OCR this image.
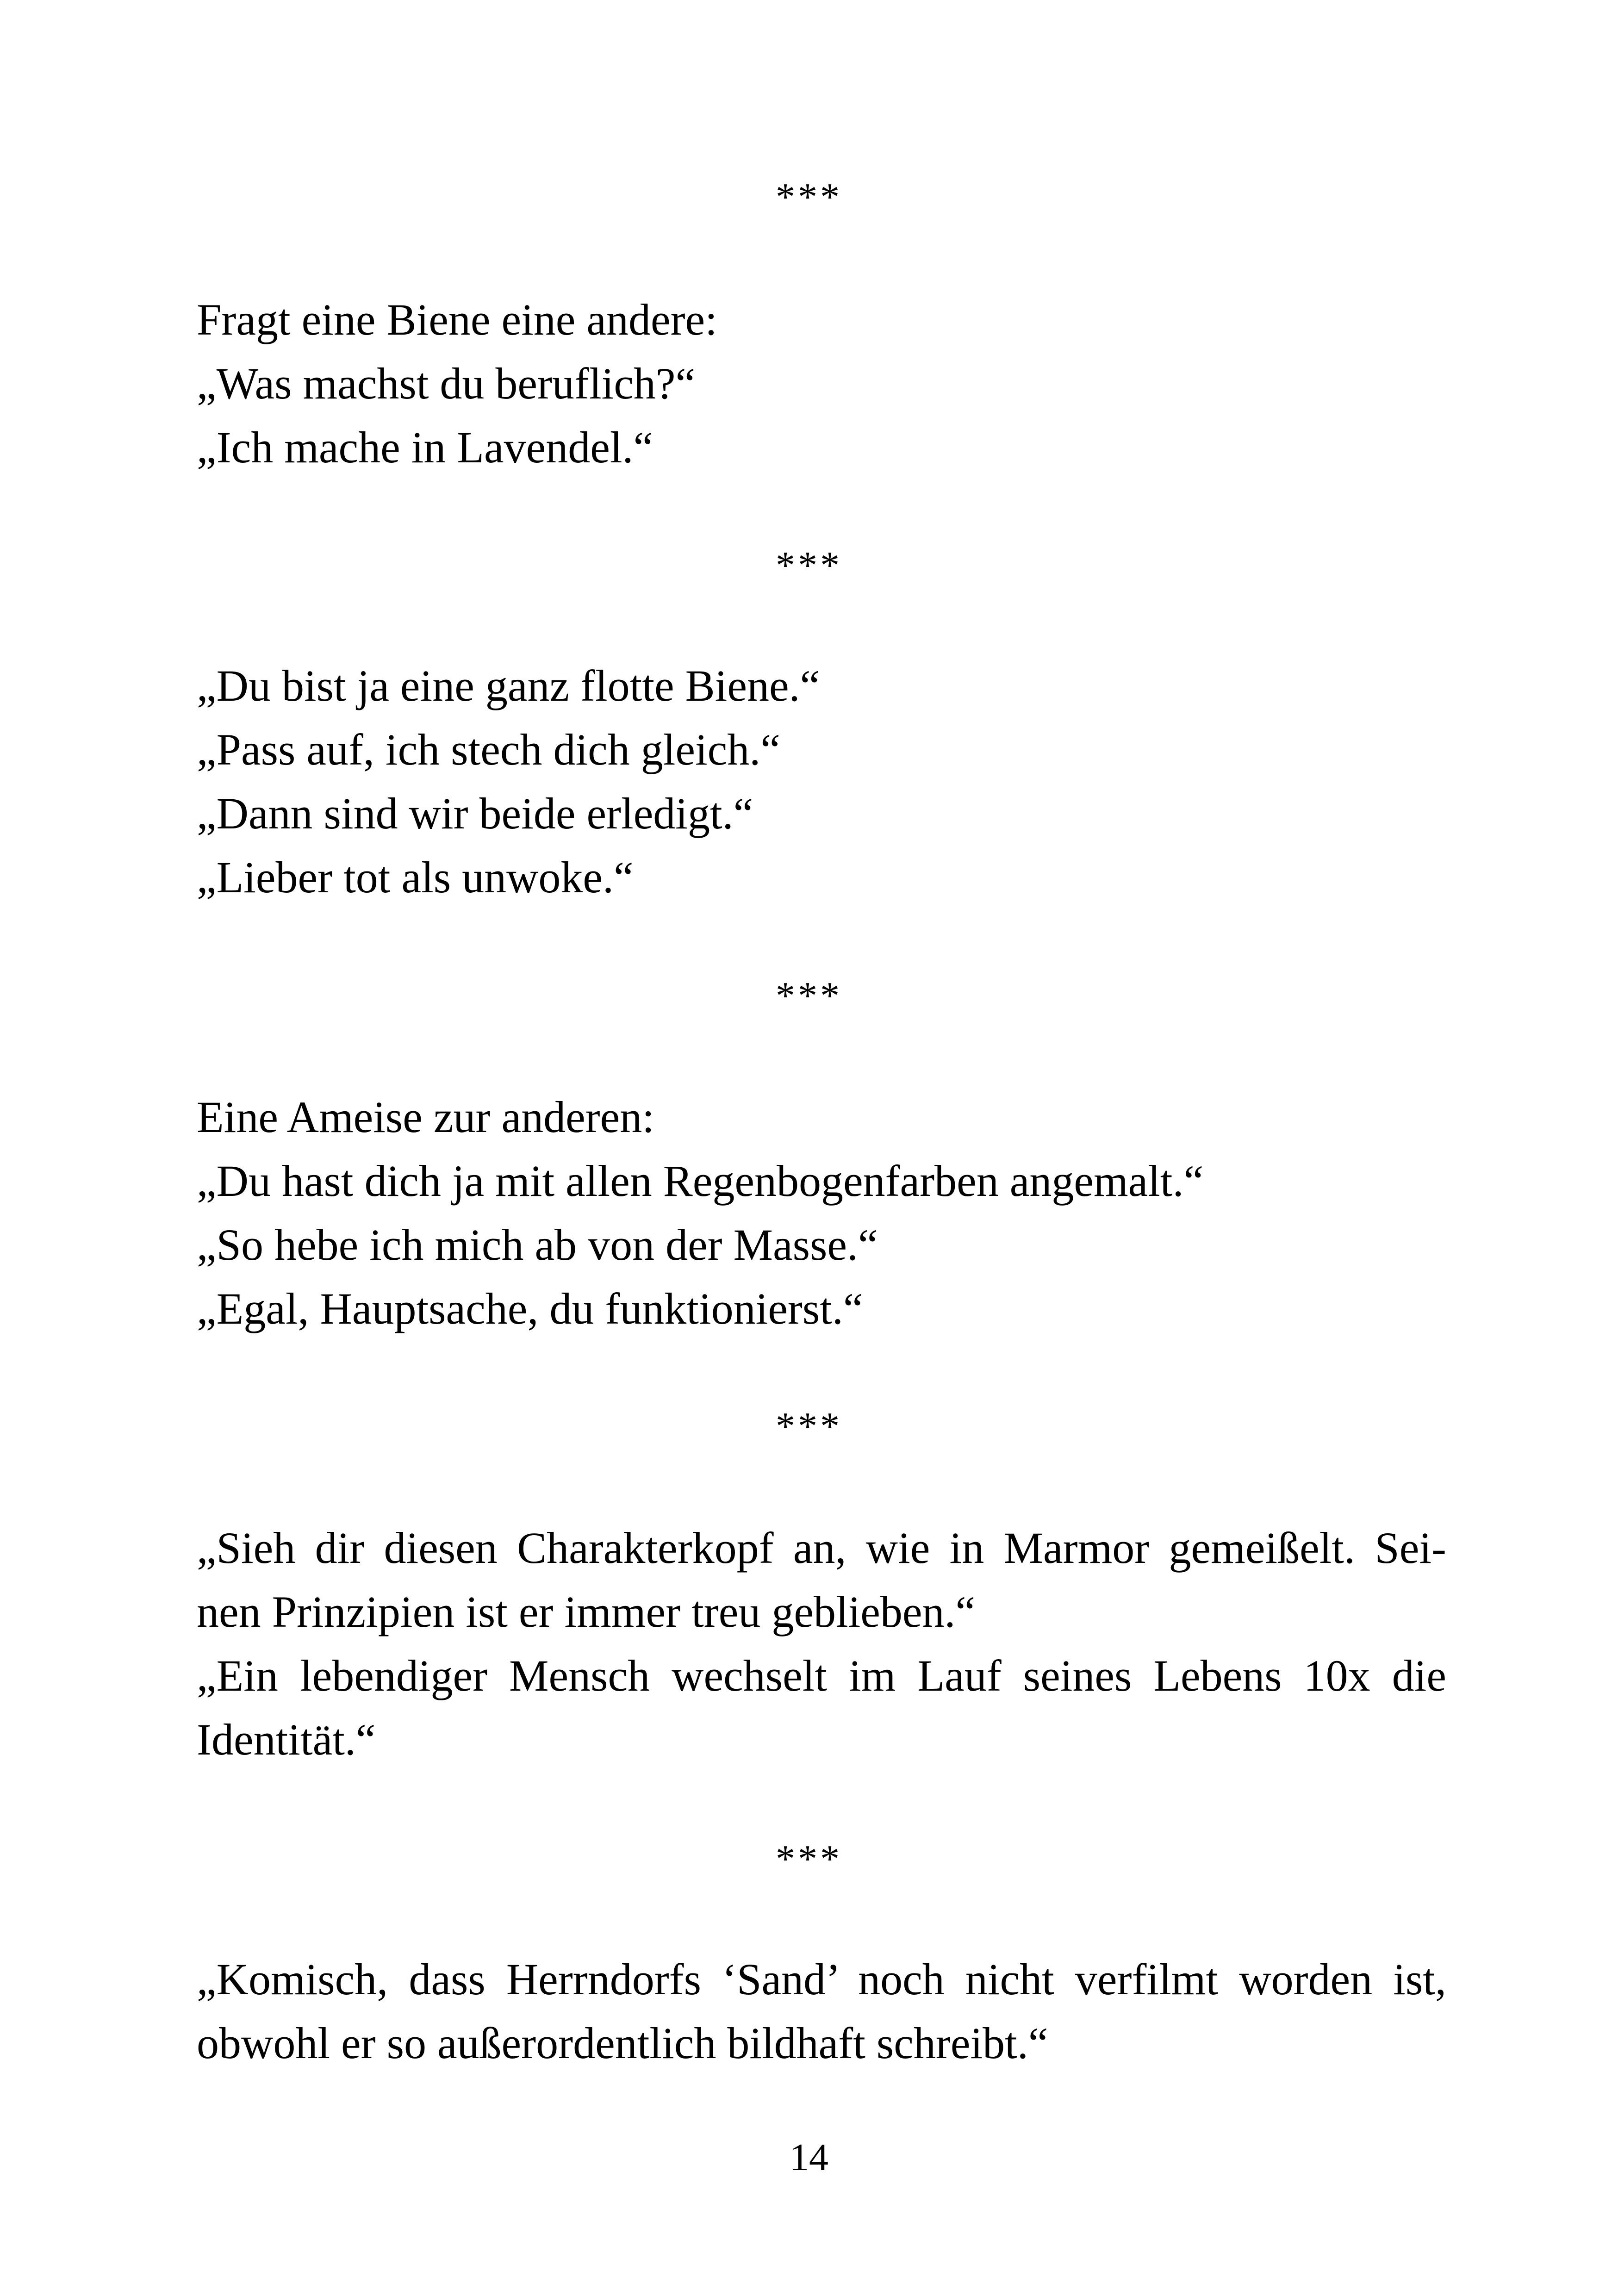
***
Fragt eine Biene eine andere:
„Was machst du beruflich?“
„Ich mache in Lavendel.“
***
„Du bist ja eine ganz flotte Biene.“
„Pass auf, ich stech dich gleich.“
„Dann sind wir beide erledigt.“
„Lieber tot als unwoke.“
***
Eine Ameise zur anderen:
„Du hast dich ja mit allen Regenbogenfarben angemalt.“
„So hebe ich mich ab von der Masse.“
„Egal, Hauptsache, du funktionierst.“
***
„Sieh dir diesen Charakterkopf an, wie in Marmor gemeißelt. Sei-
nen Prinzipien ist er immer treu geblieben.“
„Ein lebendiger Mensch wechselt im Lauf seines Lebens 10x die
Identität.“
***
„Komisch, dass Herrndorfs ‘Sand’ noch nicht verfilmt worden ist,
obwohl er so außerordentlich bildhaft schreibt.“
14
